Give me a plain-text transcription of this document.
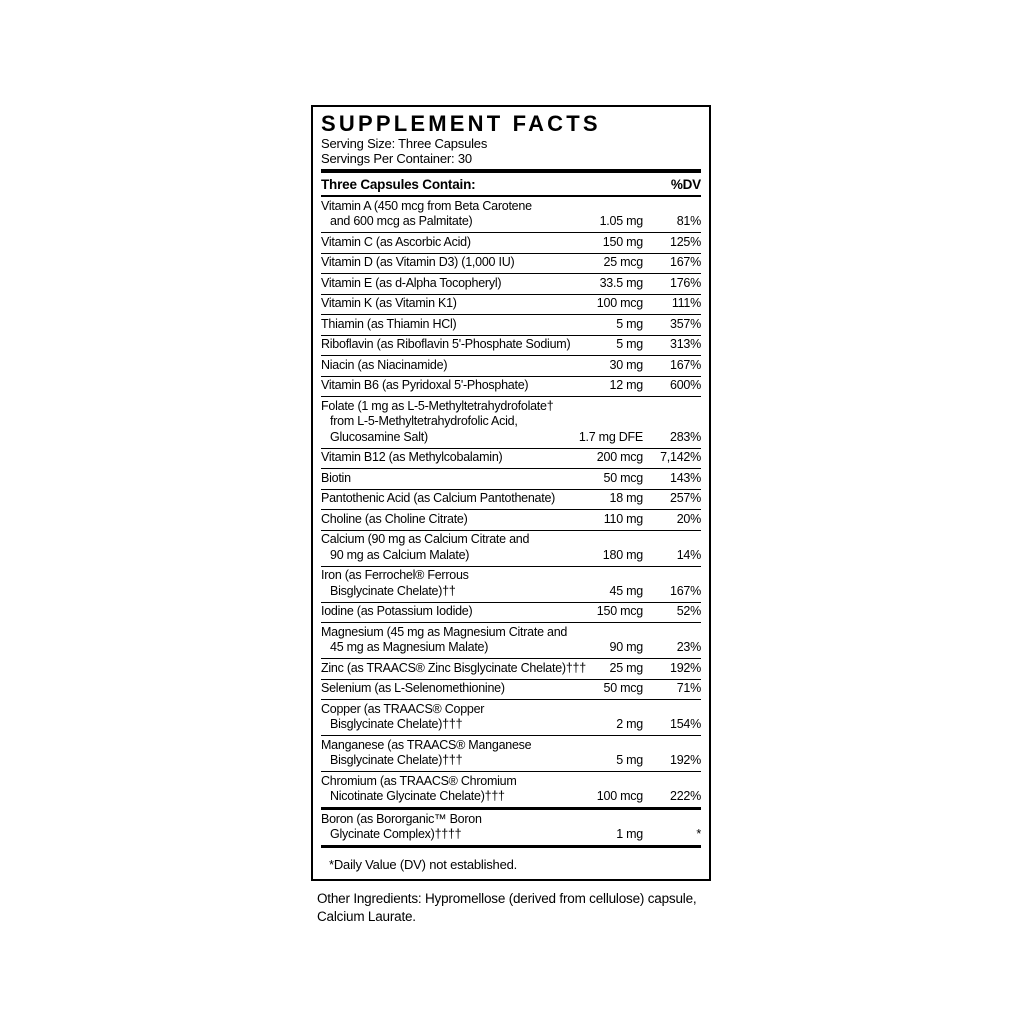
SUPPLEMENT FACTS
Serving Size: Three Capsules
Servings Per Container: 30
Three Capsules Contain:	%DV
Vitamin A (450 mcg from Beta Carotene
and 600 mcg as Palmitate)	1.05 mg	81%
Vitamin C (as Ascorbic Acid)	150 mg 125%
Vitamin D (as Vitamin D3) (1,000 IU)	25 mcg 167%
Vitamin E (as d-Alpha Tocopheryl)	33.5 mg 176%
Vitamin K (as Vitamin K1)	100 mcg 111%
Thiamin (as Thiamin HCl)	5 mg 357%
Riboflavin (as Riboflavin 5'-Phosphate Sodium)	5 mg 313%
Niacin (as Niacinamide)	30 mg 167%
Vitamin B6 (as Pyridoxal 5'-Phosphate)	12 mg 600%
Folate (1 mg as L-5-Methyltetrahydrofolate†
from L-5-Methyltetrahydrofolic Acid,
Glucosamine Salt)	1.7 mg DFE 283%
Vitamin B12 (as Methylcobalamin)	200 mcg 7,142%
Biotin	50 mcg 143%
Pantothenic Acid (as Calcium Pantothenate)	18 mg 257%
Choline (as Choline Citrate)	110 mg	20%
Calcium (90 mg as Calcium Citrate and
90 mg as Calcium Malate)	180 mg	14%
Iron (as Ferrochel® Ferrous
Bisglycinate Chelate)††	45 mg 167%
Iodine (as Potassium Iodide)	150 mcg	52%
Magnesium (45 mg as Magnesium Citrate and
45 mg as Magnesium Malate)	90 mg	23%
Zinc (as TRAACS® Zinc Bisglycinate Chelate)†††	25 mg 192%
Selenium (as L-Selenomethionine)	50 mcg	71%
Copper (as TRAACS® Copper
Bisglycinate Chelate)†††	2 mg 154%
Manganese (as TRAACS® Manganese
Bisglycinate Chelate)†††	5 mg 192%
Chromium (as TRAACS® Chromium
Nicotinate Glycinate Chelate)†††	100 mcg 222%
Boron (as Bororganic™ Boron
Glycinate Complex)††††	1 mg	*
*Daily Value (DV) not established.
Other Ingredients: Hypromellose (derived from cellulose) capsule, Calcium Laurate.
